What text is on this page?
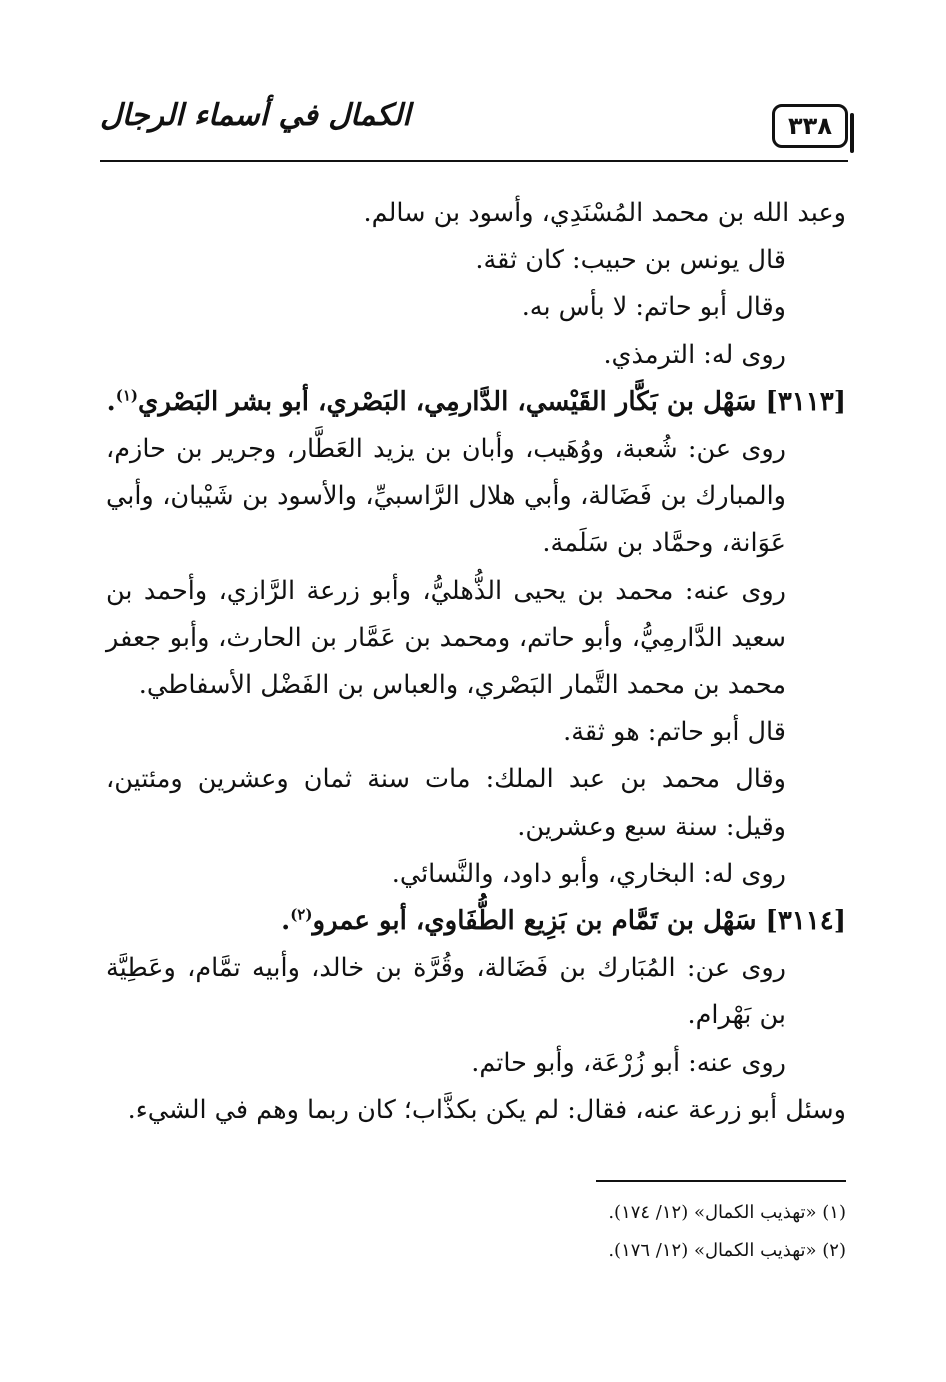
٣٣٨
الكمال في أسماء الرجال

وعبد الله بن محمد المُسْنَدِي، وأسود بن سالم.

قال يونس بن حبيب: كان ثقة.

وقال أبو حاتم: لا بأس به.

روى له: الترمذي.

[٣١١٣] سَهْل بن بَكَّار القَيْسي، الدَّارمِي، البَصْري، أبو بشر البَصْري$^{(١)}$.

روى عن: شُعبة، ووُهَيب، وأبان بن يزيد العَطَّار، وجرير بن حازم، والمبارك بن فَضَالة، وأبي هلال الرَّاسبيِّ، والأسود بن شَيْبان، وأبي عَوَانة، وحمَّاد بن سَلَمة.

روى عنه: محمد بن يحيى الذُّهليُّ، وأبو زرعة الرَّازي، وأحمد بن سعيد الدَّارمِيُّ، وأبو حاتم، ومحمد بن عَمَّار بن الحارث، وأبو جعفر محمد بن محمد التَّمار البَصْري، والعباس بن الفَضْل الأسفاطي.

قال أبو حاتم: هو ثقة.

وقال محمد بن عبد الملك: مات سنة ثمان وعشرين ومئتين، وقيل: سنة سبع وعشرين.

روى له: البخاري، وأبو داود، والنَّسائي.

[٣١١٤] سَهْل بن تَمَّام بن بَزِيع الطُّفَاوي، أبو عمرو$^{(٢)}$.

روى عن: المُبَارك بن فَضَالة، وقُرَّة بن خالد، وأبيه تمَّام، وعَطِيَّة بن بَهْرام.

روى عنه: أبو زُرْعَة، وأبو حاتم.

وسئل أبو زرعة عنه، فقال: لم يكن بكذَّاب؛ كان ربما وهم في الشيء.

(١) «تهذيب الكمال» (١٢/ ١٧٤).

(٢) «تهذيب الكمال» (١٢/ ١٧٦).
